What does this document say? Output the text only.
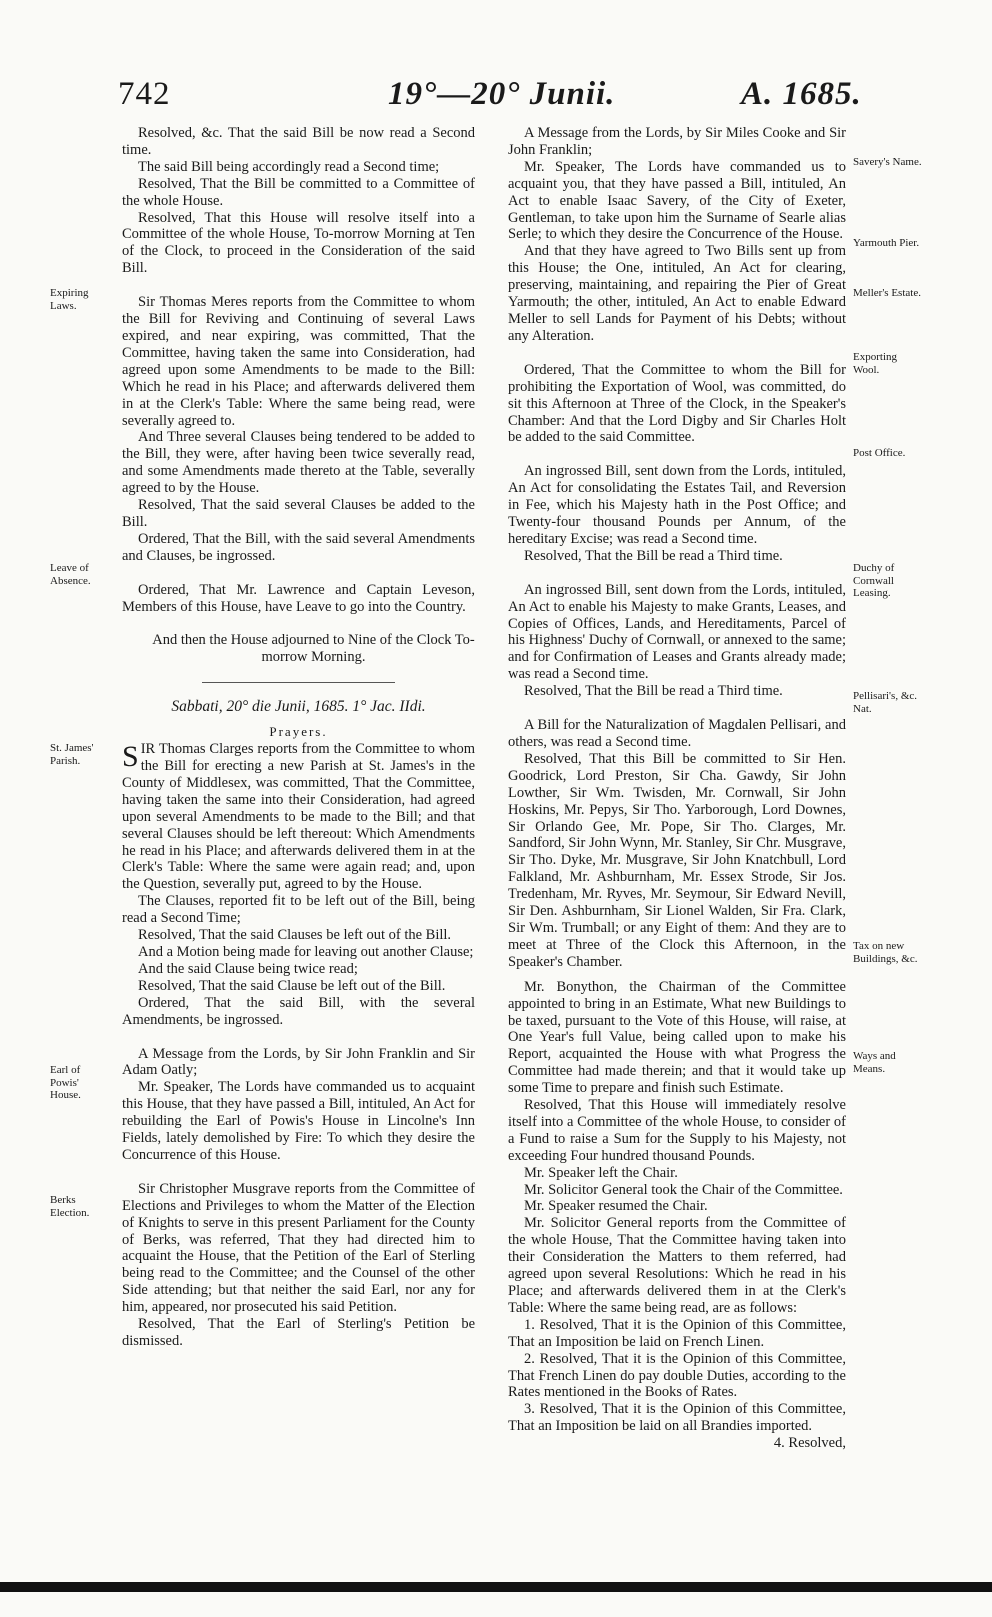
742	19°—20° Junii.	A. 1685.
Expiring Laws.
Leave of Absence.
St. James' Parish.
Earl of Powis' House.
Berks Election.
Savery's Name.
Yarmouth Pier.
Meller's Estate.
Exporting Wool.
Post Office.
Duchy of Cornwall Leasing.
Pellisari's, &c. Nat.
Tax on new Buildings, &c.
Ways and Means.

Resolved, &c. That the said Bill be now read a Second time.

The said Bill being accordingly read a Second time;

Resolved, That the Bill be committed to a Committee of the whole House.

Resolved, That this House will resolve itself into a Committee of the whole House, To-morrow Morning at Ten of the Clock, to proceed in the Consideration of the said Bill.

Sir Thomas Meres reports from the Committee to whom the Bill for Reviving and Continuing of several Laws expired, and near expiring, was committed, That the Committee, having taken the same into Consideration, had agreed upon some Amendments to be made to the Bill: Which he read in his Place; and afterwards delivered them in at the Clerk's Table: Where the same being read, were severally agreed to.

And Three several Clauses being tendered to be added to the Bill, they were, after having been twice severally read, and some Amendments made thereto at the Table, severally agreed to by the House.

Resolved, That the said several Clauses be added to the Bill.

Ordered, That the Bill, with the said several Amendments and Clauses, be ingrossed.

Ordered, That Mr. Lawrence and Captain Leveson, Members of this House, have Leave to go into the Country.

And then the House adjourned to Nine of the Clock To-morrow Morning.

Sabbati, 20° die Junii, 1685. 1° Jac. IIdi.

Prayers.

SIR Thomas Clarges reports from the Committee to whom the Bill for erecting a new Parish at St. James's in the County of Middlesex, was committed, That the Committee, having taken the same into their Consideration, had agreed upon several Amendments to be made to the Bill; and that several Clauses should be left thereout: Which Amendments he read in his Place; and afterwards delivered them in at the Clerk's Table: Where the same were again read; and, upon the Question, severally put, agreed to by the House.

The Clauses, reported fit to be left out of the Bill, being read a Second Time;

Resolved, That the said Clauses be left out of the Bill.

And a Motion being made for leaving out another Clause;

And the said Clause being twice read;

Resolved, That the said Clause be left out of the Bill.

Ordered, That the said Bill, with the several Amendments, be ingrossed.

A Message from the Lords, by Sir John Franklin and Sir Adam Oatly;

Mr. Speaker, The Lords have commanded us to acquaint this House, that they have passed a Bill, intituled, An Act for rebuilding the Earl of Powis's House in Lincolne's Inn Fields, lately demolished by Fire: To which they desire the Concurrence of this House.

Sir Christopher Musgrave reports from the Committee of Elections and Privileges to whom the Matter of the Election of Knights to serve in this present Parliament for the County of Berks, was referred, That they had directed him to acquaint the House, that the Petition of the Earl of Sterling being read to the Committee; and the Counsel of the other Side attending; but that neither the said Earl, nor any for him, appeared, nor prosecuted his said Petition.

Resolved, That the Earl of Sterling's Petition be dismissed.

A Message from the Lords, by Sir Miles Cooke and Sir John Franklin;

Mr. Speaker, The Lords have commanded us to acquaint you, that they have passed a Bill, intituled, An Act to enable Isaac Savery, of the City of Exeter, Gentleman, to take upon him the Surname of Searle alias Serle; to which they desire the Concurrence of the House.

And that they have agreed to Two Bills sent up from this House; the One, intituled, An Act for clearing, preserving, maintaining, and repairing the Pier of Great Yarmouth; the other, intituled, An Act to enable Edward Meller to sell Lands for Payment of his Debts; without any Alteration.

Ordered, That the Committee to whom the Bill for prohibiting the Exportation of Wool, was committed, do sit this Afternoon at Three of the Clock, in the Speaker's Chamber: And that the Lord Digby and Sir Charles Holt be added to the said Committee.

An ingrossed Bill, sent down from the Lords, intituled, An Act for consolidating the Estates Tail, and Reversion in Fee, which his Majesty hath in the Post Office; and Twenty-four thousand Pounds per Annum, of the hereditary Excise; was read a Second time.

Resolved, That the Bill be read a Third time.

An ingrossed Bill, sent down from the Lords, intituled, An Act to enable his Majesty to make Grants, Leases, and Copies of Offices, Lands, and Hereditaments, Parcel of his Highness' Duchy of Cornwall, or annexed to the same; and for Confirmation of Leases and Grants already made; was read a Second time.

Resolved, That the Bill be read a Third time.

A Bill for the Naturalization of Magdalen Pellisari, and others, was read a Second time.

Resolved, That this Bill be committed to Sir Hen. Goodrick, Lord Preston, Sir Cha. Gawdy, Sir John Lowther, Sir Wm. Twisden, Mr. Cornwall, Sir John Hoskins, Mr. Pepys, Sir Tho. Yarborough, Lord Downes, Sir Orlando Gee, Mr. Pope, Sir Tho. Clarges, Mr. Sandford, Sir John Wynn, Mr. Stanley, Sir Chr. Musgrave, Sir Tho. Dyke, Mr. Musgrave, Sir John Knatchbull, Lord Falkland, Mr. Ashburnham, Mr. Essex Strode, Sir Jos. Tredenham, Mr. Ryves, Mr. Seymour, Sir Edward Nevill, Sir Den. Ashburnham, Sir Lionel Walden, Sir Fra. Clark, Sir Wm. Trumball; or any Eight of them: And they are to meet at Three of the Clock this Afternoon, in the Speaker's Chamber.

Mr. Bonython, the Chairman of the Committee appointed to bring in an Estimate, What new Buildings to be taxed, pursuant to the Vote of this House, will raise, at One Year's full Value, being called upon to make his Report, acquainted the House with what Progress the Committee had made therein; and that it would take up some Time to prepare and finish such Estimate.

Resolved, That this House will immediately resolve itself into a Committee of the whole House, to consider of a Fund to raise a Sum for the Supply to his Majesty, not exceeding Four hundred thousand Pounds.

Mr. Speaker left the Chair.

Mr. Solicitor General took the Chair of the Committee.

Mr. Speaker resumed the Chair.

Mr. Solicitor General reports from the Committee of the whole House, That the Committee having taken into their Consideration the Matters to them referred, had agreed upon several Resolutions: Which he read in his Place; and afterwards delivered them in at the Clerk's Table: Where the same being read, are as follows:

1. Resolved, That it is the Opinion of this Committee, That an Imposition be laid on French Linen.

2. Resolved, That it is the Opinion of this Committee, That French Linen do pay double Duties, according to the Rates mentioned in the Books of Rates.

3. Resolved, That it is the Opinion of this Committee, That an Imposition be laid on all Brandies imported.

4. Resolved,
